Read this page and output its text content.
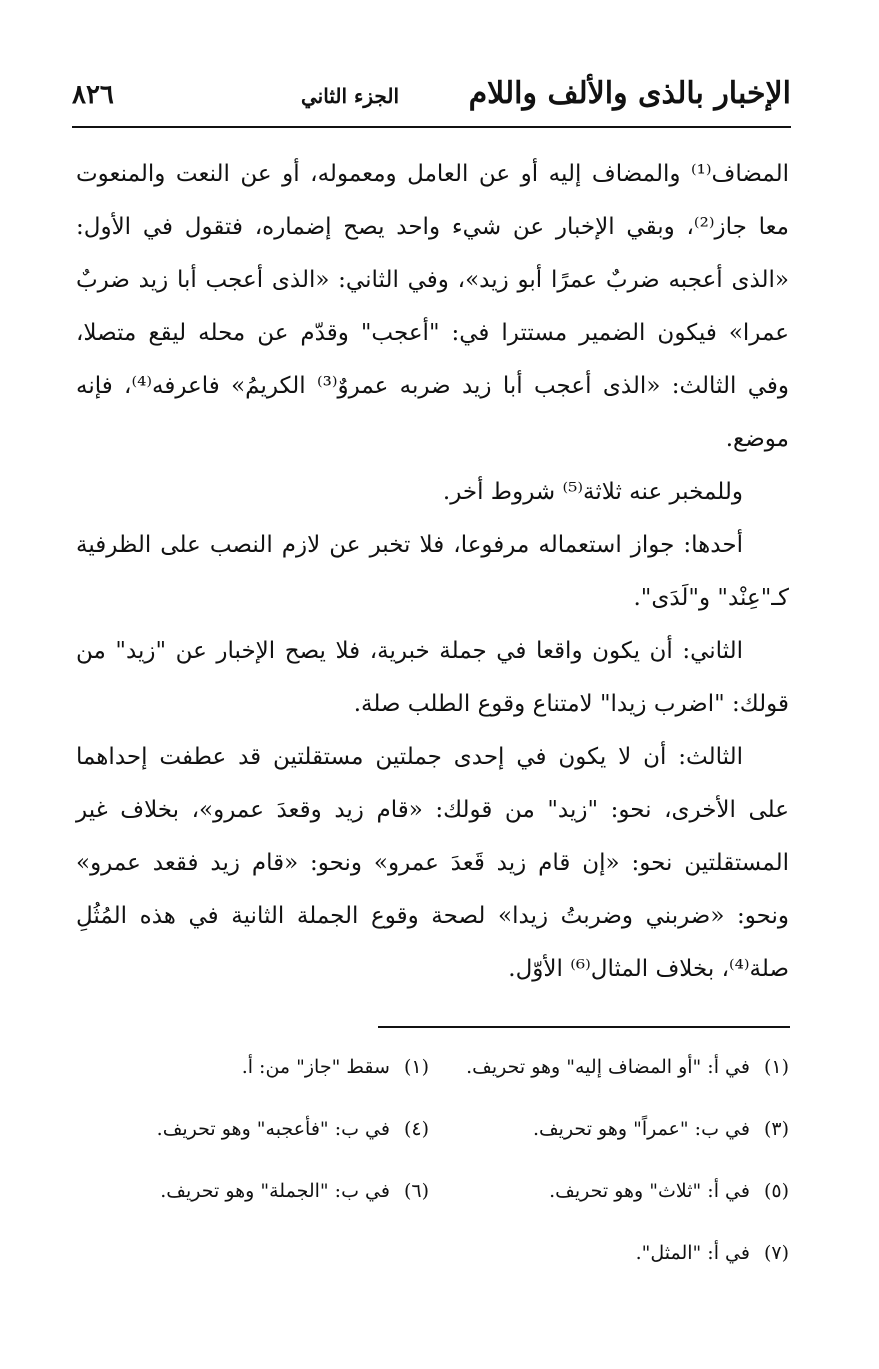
الإخبار بالذى والألف واللام
الجزء الثاني
٨٢٦

المضاف⁽¹⁾ والمضاف إليه أو عن العامل ومعموله، أو عن النعت والمنعوت معا جاز⁽²⁾، وبقي الإخبار عن شيء واحد يصح إضماره، فتقول في الأول: «الذى أعجبه ضربٌ عمرًا أبو زيد»، وفي الثاني: «الذى أعجب أبا زيد ضربٌ عمرا» فيكون الضمير مستترا في: "أعجب" وقدّم عن محله ليقع متصلا، وفي الثالث: «الذى أعجب أبا زيد ضربه عمروٌ⁽³⁾ الكريمُ» فاعرفه⁽⁴⁾، فإنه موضع.

وللمخبر عنه ثلاثة⁽⁵⁾ شروط أخر.

أحدها: جواز استعماله مرفوعا، فلا تخبر عن لازم النصب على الظرفية كـ"عِنْد" و"لَدَى".

الثاني: أن يكون واقعا في جملة خبرية، فلا يصح الإخبار عن "زيد" من قولك: "اضرب زيدا" لامتناع وقوع الطلب صلة.

الثالث: أن لا يكون في إحدى جملتين مستقلتين قد عطفت إحداهما على الأخرى، نحو: "زيد" من قولك: «قام زيد وقعدَ عمرو»، بخلاف غير المستقلتين نحو: «إن قام زيد قَعدَ عمرو» ونحو: «قام زيد فقعد عمرو» ونحو: «ضربني وضربتُ زيدا» لصحة وقوع الجملة الثانية في هذه المُثُلِ صلة⁽⁴⁾، بخلاف المثال⁽⁶⁾ الأوّل.

(١)في أ: "أو المضاف إليه" وهو تحريف.
(١)سقط "جاز" من: أ.
(٣)في ب: "عمراً" وهو تحريف.
(٤)في ب: "فأعجبه" وهو تحريف.
(٥)في أ: "ثلاث" وهو تحريف.
(٦)في ب: "الجملة" وهو تحريف.
(٧)في أ: "المثل".
